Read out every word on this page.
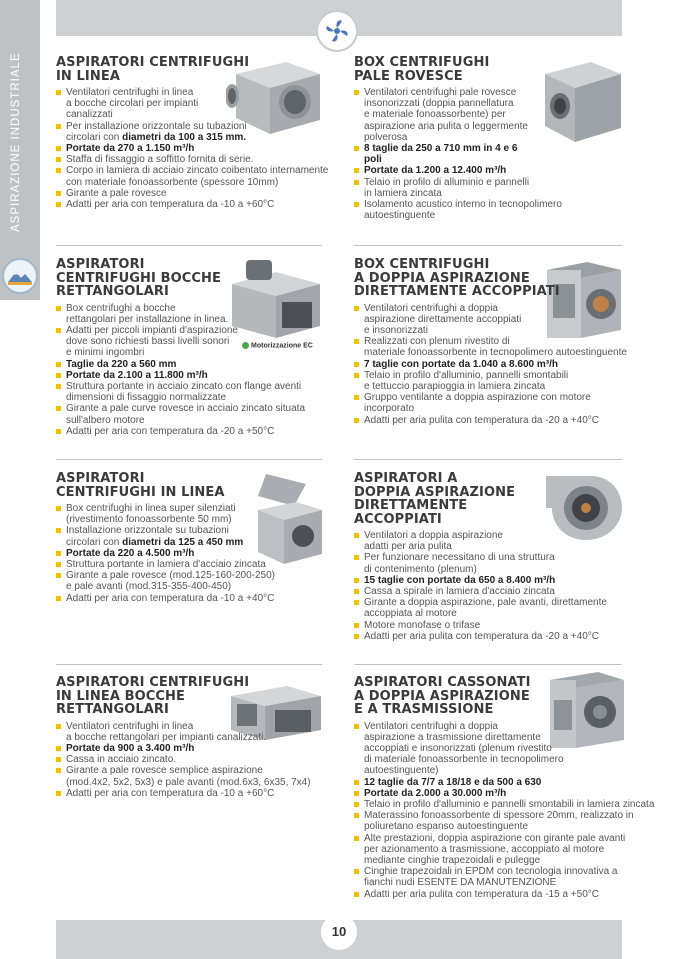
ASPIRAZIONE INDUSTRIALE
10
Motorizzazione EC
ASPIRATORI CENTRIFUGHI
IN LINEA
Ventilatori centrifughi in linea
a bocche circolari per impianti
canalizzati
Per installazione orizzontale su tubazioni
circolari con diametri da 100 a 315 mm.
Portate da 270 a 1.150 m³/h
Staffa di fissaggio a soffitto fornita di serie.
Corpo in lamiera di acciaio zincato coibentato internamente
con materiale fonoassorbente (spessore 10mm)
Girante a pale rovesce
Adatti per aria con temperatura da -10 a +60°C
BOX CENTRIFUGHI
PALE ROVESCE
Ventilatori centrifughi pale rovesce
insonorizzati (doppia pannellatura
e materiale fonoassorbente) per
aspirazione aria pulita o leggermente
polverosa
8 taglie da 250 a 710 mm in 4 e 6
poli
Portate da 1.200 a 12.400 m³/h
Telaio in profilo di alluminio e pannelli
in lamiera zincata
Isolamento acustico interno in tecnopolimero
autoestinguente
ASPIRATORI
CENTRIFUGHI BOCCHE
RETTANGOLARI
Box centrifughi a bocche
rettangolari per installazione in linea.
Adatti per piccoli impianti d'aspirazione
dove sono richiesti bassi livelli sonori
e minimi ingombri
Taglie da 220 a 560 mm
Portate da 2.100 a 11.800 m³/h
Struttura portante in acciaio zincato con flange aventi
dimensioni di fissaggio normalizzate
Girante a pale curve rovesce in acciaio zincato situata
sull'albero motore
Adatti per aria con temperatura da -20 a +50°C
BOX CENTRIFUGHI
A DOPPIA ASPIRAZIONE
DIRETTAMENTE ACCOPPIATI
Ventilatori centrifughi a doppia
aspirazione direttamente accoppiati
e insonorizzati
Realizzati con plenum rivestito di
materiale fonoassorbente in tecnopolimero autoestinguente
7 taglie con portate da 1.040 a 8.600 m³/h
Telaio in profilo d'alluminio, pannelli smontabili
e tettuccio parapioggia in lamiera zincata
Gruppo ventilante a doppia aspirazione con motore
incorporato
Adatti per aria pulita con temperatura da -20 a +40°C
ASPIRATORI
CENTRIFUGHI IN LINEA
Box centrifughi in linea super silenziati
(rivestimento fonoassorbente 50 mm)
Installazione orizzontale su tubazioni
circolari con diametri da 125 a 450 mm
Portate da 220 a 4.500 m³/h
Struttura portante in lamiera d'acciaio zincata
Girante a pale rovesce (mod.125-160-200-250)
e pale avanti (mod.315-355-400-450)
Adatti per aria con temperatura da -10 a +40°C
ASPIRATORI A
DOPPIA ASPIRAZIONE
DIRETTAMENTE
ACCOPPIATI
Ventilatori a doppia aspirazione
adatti per aria pulita
Per funzionare necessitano di una struttura
di contenimento (plenum)
15 taglie con portate da 650 a 8.400 m³/h
Cassa a spirale in lamiera d'acciaio zincata
Girante a doppia aspirazione, pale avanti, direttamente
accoppiata al motore
Motore monofase o trifase
Adatti per aria pulita con temperatura da -20 a +40°C
ASPIRATORI CENTRIFUGHI
IN LINEA BOCCHE
RETTANGOLARI
Ventilatori centrifughi in linea
a bocche rettangolari per impianti canalizzati.
Portate da 900 a 3.400 m³/h
Cassa in acciaio zincato.
Girante a pale rovesce semplice aspirazione
(mod.4x2, 5x2, 5x3) e pale avanti (mod.6x3, 6x35, 7x4)
Adatti per aria con temperatura da -10 a +60°C
ASPIRATORI CASSONATI
A DOPPIA ASPIRAZIONE
E A TRASMISSIONE
Ventilatori centrifughi a doppia
aspirazione a trasmissione direttamente
accoppiati e insonorizzati (plenum rivestito
di materiale fonoassorbente in tecnopolimero
autoestinguente)
12 taglie da 7/7 a 18/18 e da 500 a 630
Portate da 2.000 a 30.000 m³/h
Telaio in profilo d'alluminio e pannelli smontabili in lamiera zincata
Materassino fonoassorbente di spessore 20mm, realizzato in
poliuretano espanso autoestinguente
Alte prestazioni, doppia aspirazione con girante pale avanti
per azionamento a trasmissione, accoppiato al motore
mediante cinghie trapezoidali e pulegge
Cinghie trapezoidali in EPDM con tecnologia innovativa a
fianchi nudi ESENTE DA MANUTENZIONE
Adatti per aria pulita con temperatura da -15 a +50°C
